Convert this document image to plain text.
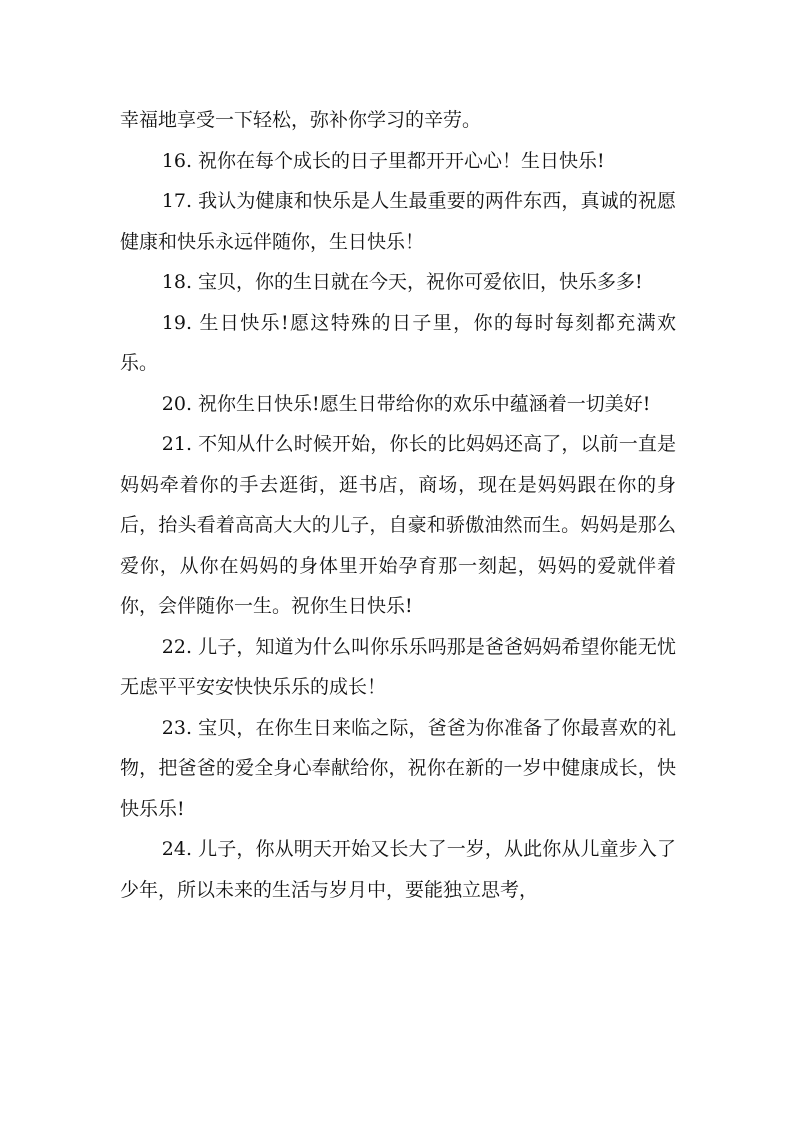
幸福地享受一下轻松，弥补你学习的辛劳。

16. 祝你在每个成长的日子里都开开心心！生日快乐!

17. 我认为健康和快乐是人生最重要的两件东西，真诚的祝愿健康和快乐永远伴随你，生日快乐！

18. 宝贝，你的生日就在今天，祝你可爱依旧，快乐多多!

19. 生日快乐!愿这特殊的日子里，你的每时每刻都充满欢乐。

20. 祝你生日快乐!愿生日带给你的欢乐中蕴涵着一切美好!

21. 不知从什么时候开始，你长的比妈妈还高了，以前一直是妈妈牵着你的手去逛街，逛书店，商场，现在是妈妈跟在你的身后，抬头看着高高大大的儿子，自豪和骄傲油然而生。妈妈是那么爱你，从你在妈妈的身体里开始孕育那一刻起，妈妈的爱就伴着你，会伴随你一生。祝你生日快乐!

22. 儿子，知道为什么叫你乐乐吗那是爸爸妈妈希望你能无忧无虑平平安安快快乐乐的成长！

23. 宝贝，在你生日来临之际，爸爸为你准备了你最喜欢的礼物，把爸爸的爱全身心奉献给你，祝你在新的一岁中健康成长，快快乐乐!

24. 儿子，你从明天开始又长大了一岁，从此你从儿童步入了少年，所以未来的生活与岁月中，要能独立思考，
